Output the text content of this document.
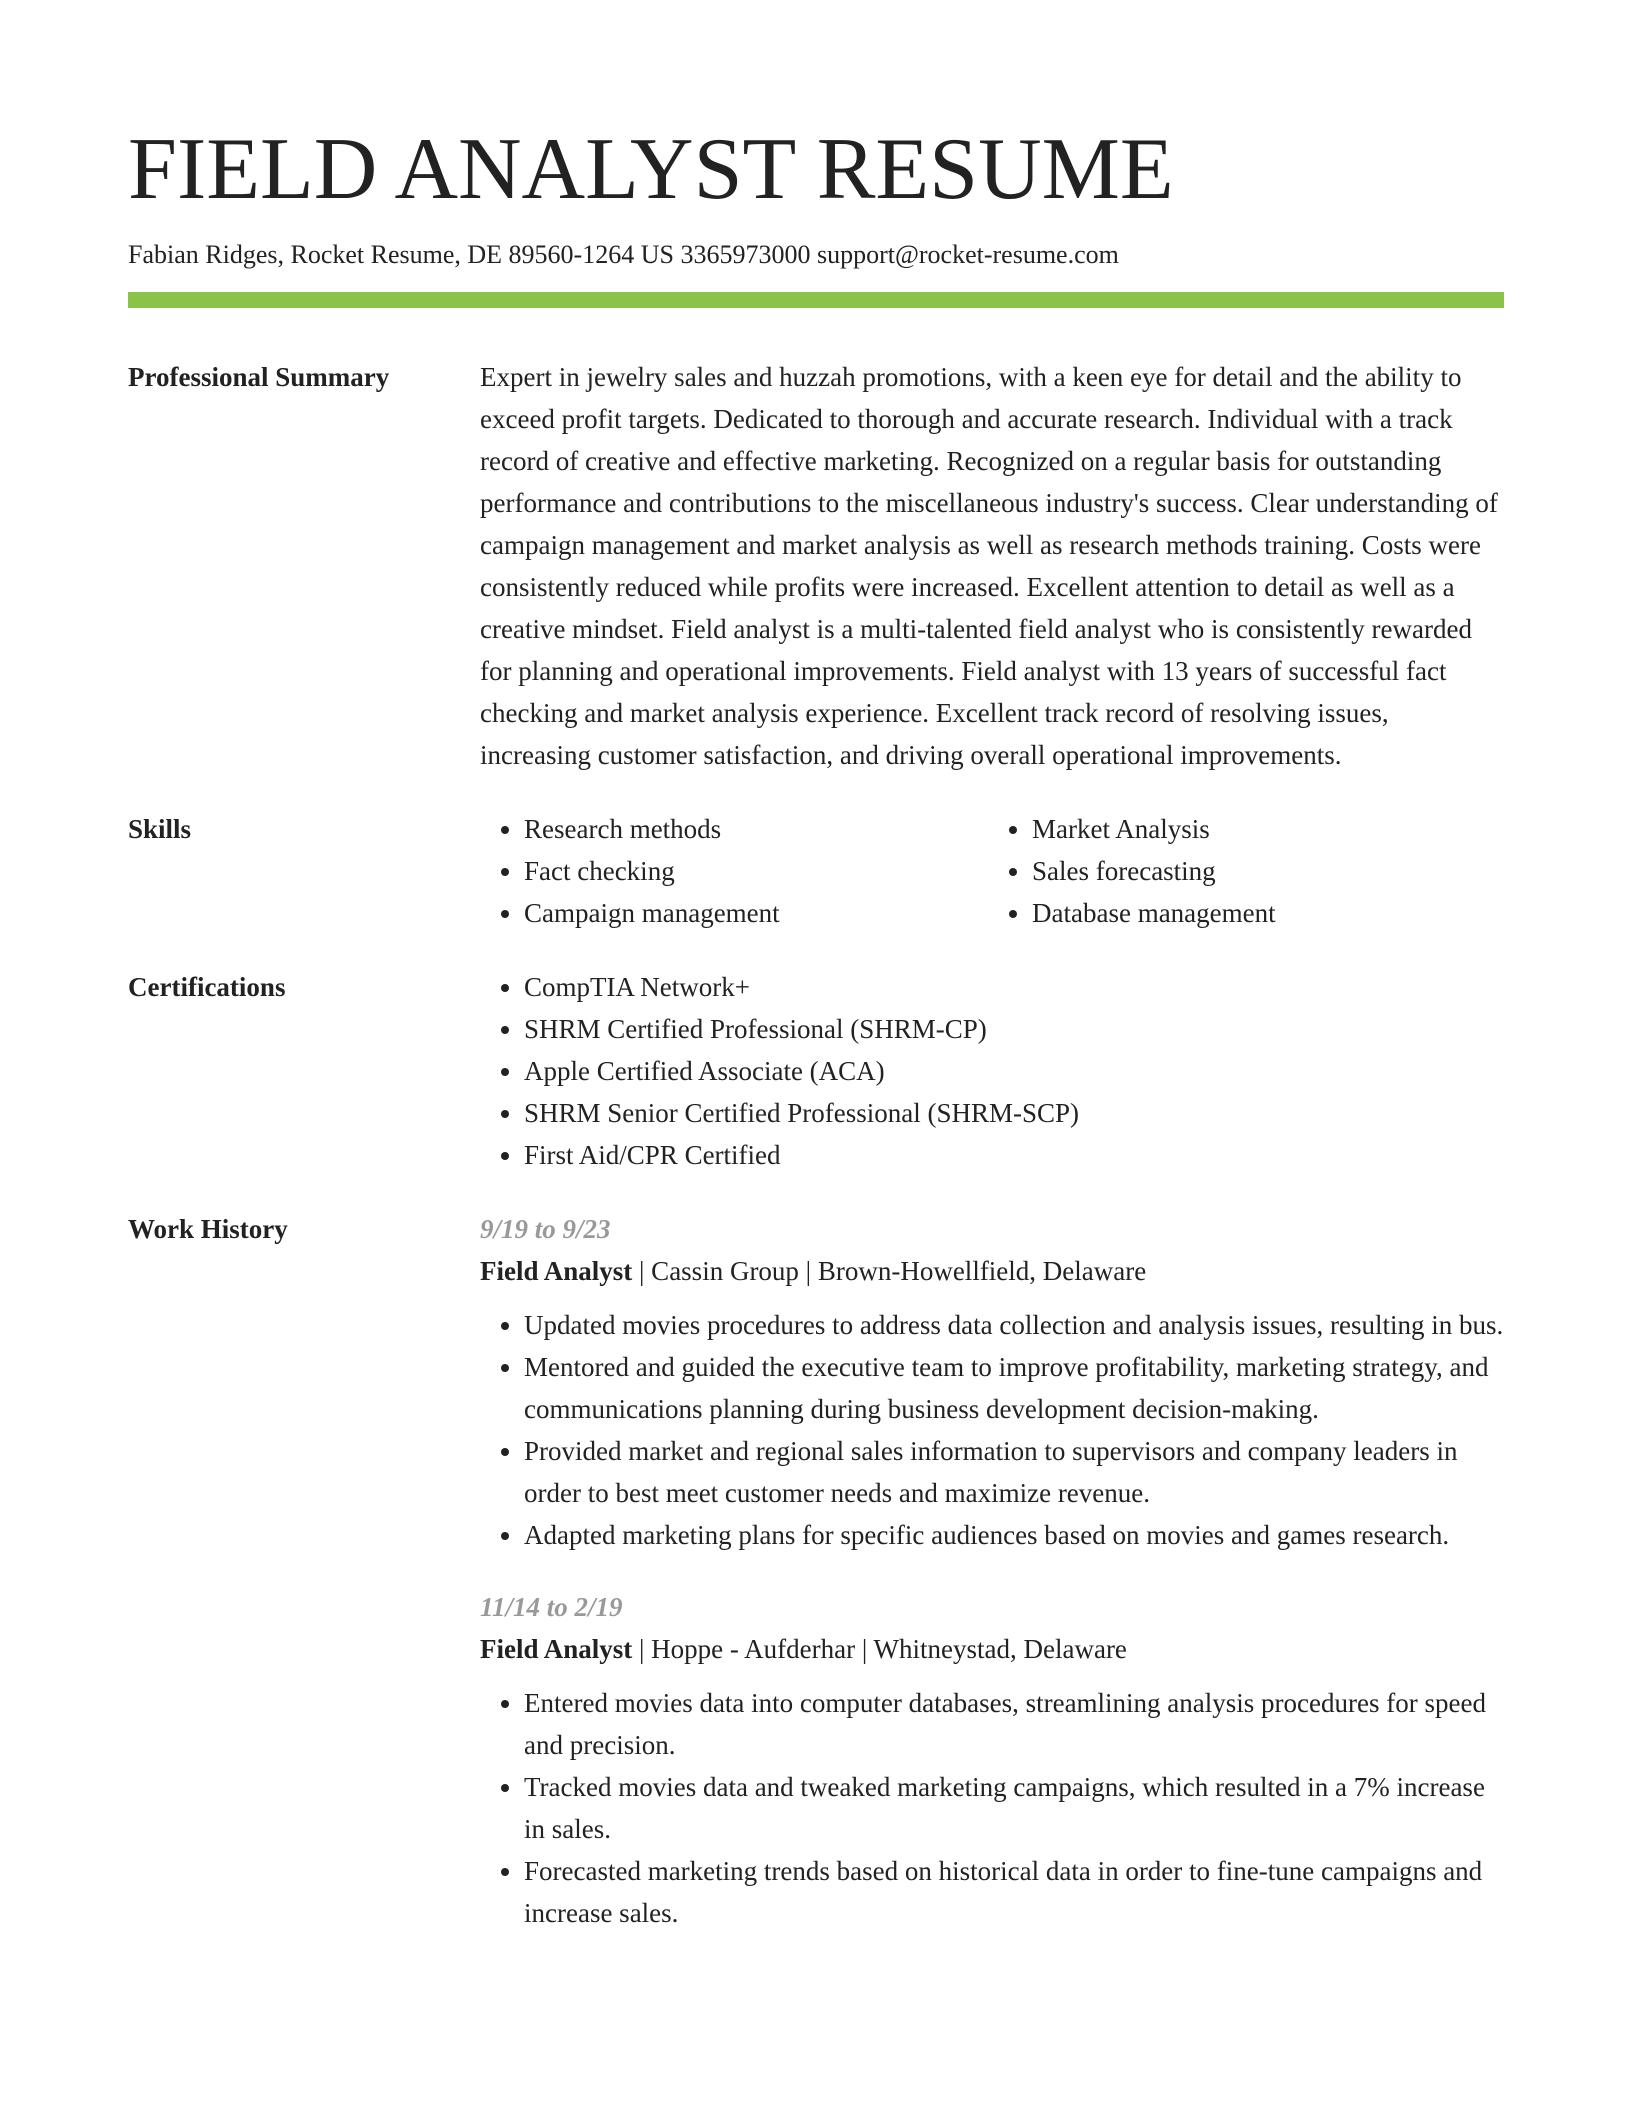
FIELD ANALYST RESUME
Fabian Ridges, Rocket Resume, DE 89560-1264 US 3365973000 support@rocket-resume.com
Professional Summary	Expert in jewelry sales and huzzah promotions, with a keen eye for detail and the ability to exceed profit targets. Dedicated to thorough and accurate research. Individual with a track record of creative and effective marketing. Recognized on a regular basis for outstanding performance and contributions to the miscellaneous industry's success. Clear understanding of campaign management and market analysis as well as research methods training. Costs were consistently reduced while profits were increased. Excellent attention to detail as well as a creative mindset. Field analyst is a multi-talented field analyst who is consistently rewarded for planning and operational improvements. Field analyst with 13 years of successful fact checking and market analysis experience. Excellent track record of resolving issues, increasing customer satisfaction, and driving overall operational improvements.
Skills	• Research methods
• Fact checking
• Campaign management
• Market Analysis
• Sales forecasting
• Database management
Certifications	• CompTIA Network+
• SHRM Certified Professional (SHRM-CP)
• Apple Certified Associate (ACA)
• SHRM Senior Certified Professional (SHRM-SCP)
• First Aid/CPR Certified
Work History	9/19 to 9/23
Field Analyst | Cassin Group | Brown-Howellfield, Delaware
• Updated movies procedures to address data collection and analysis issues, resulting in bus.
• Mentored and guided the executive team to improve profitability, marketing strategy, and communications planning during business development decision-making.
• Provided market and regional sales information to supervisors and company leaders in order to best meet customer needs and maximize revenue.
• Adapted marketing plans for specific audiences based on movies and games research.
11/14 to 2/19
Field Analyst | Hoppe - Aufderhar | Whitneystad, Delaware
• Entered movies data into computer databases, streamlining analysis procedures for speed and precision.
• Tracked movies data and tweaked marketing campaigns, which resulted in a 7% increase in sales.
• Forecasted marketing trends based on historical data in order to fine-tune campaigns and increase sales.
